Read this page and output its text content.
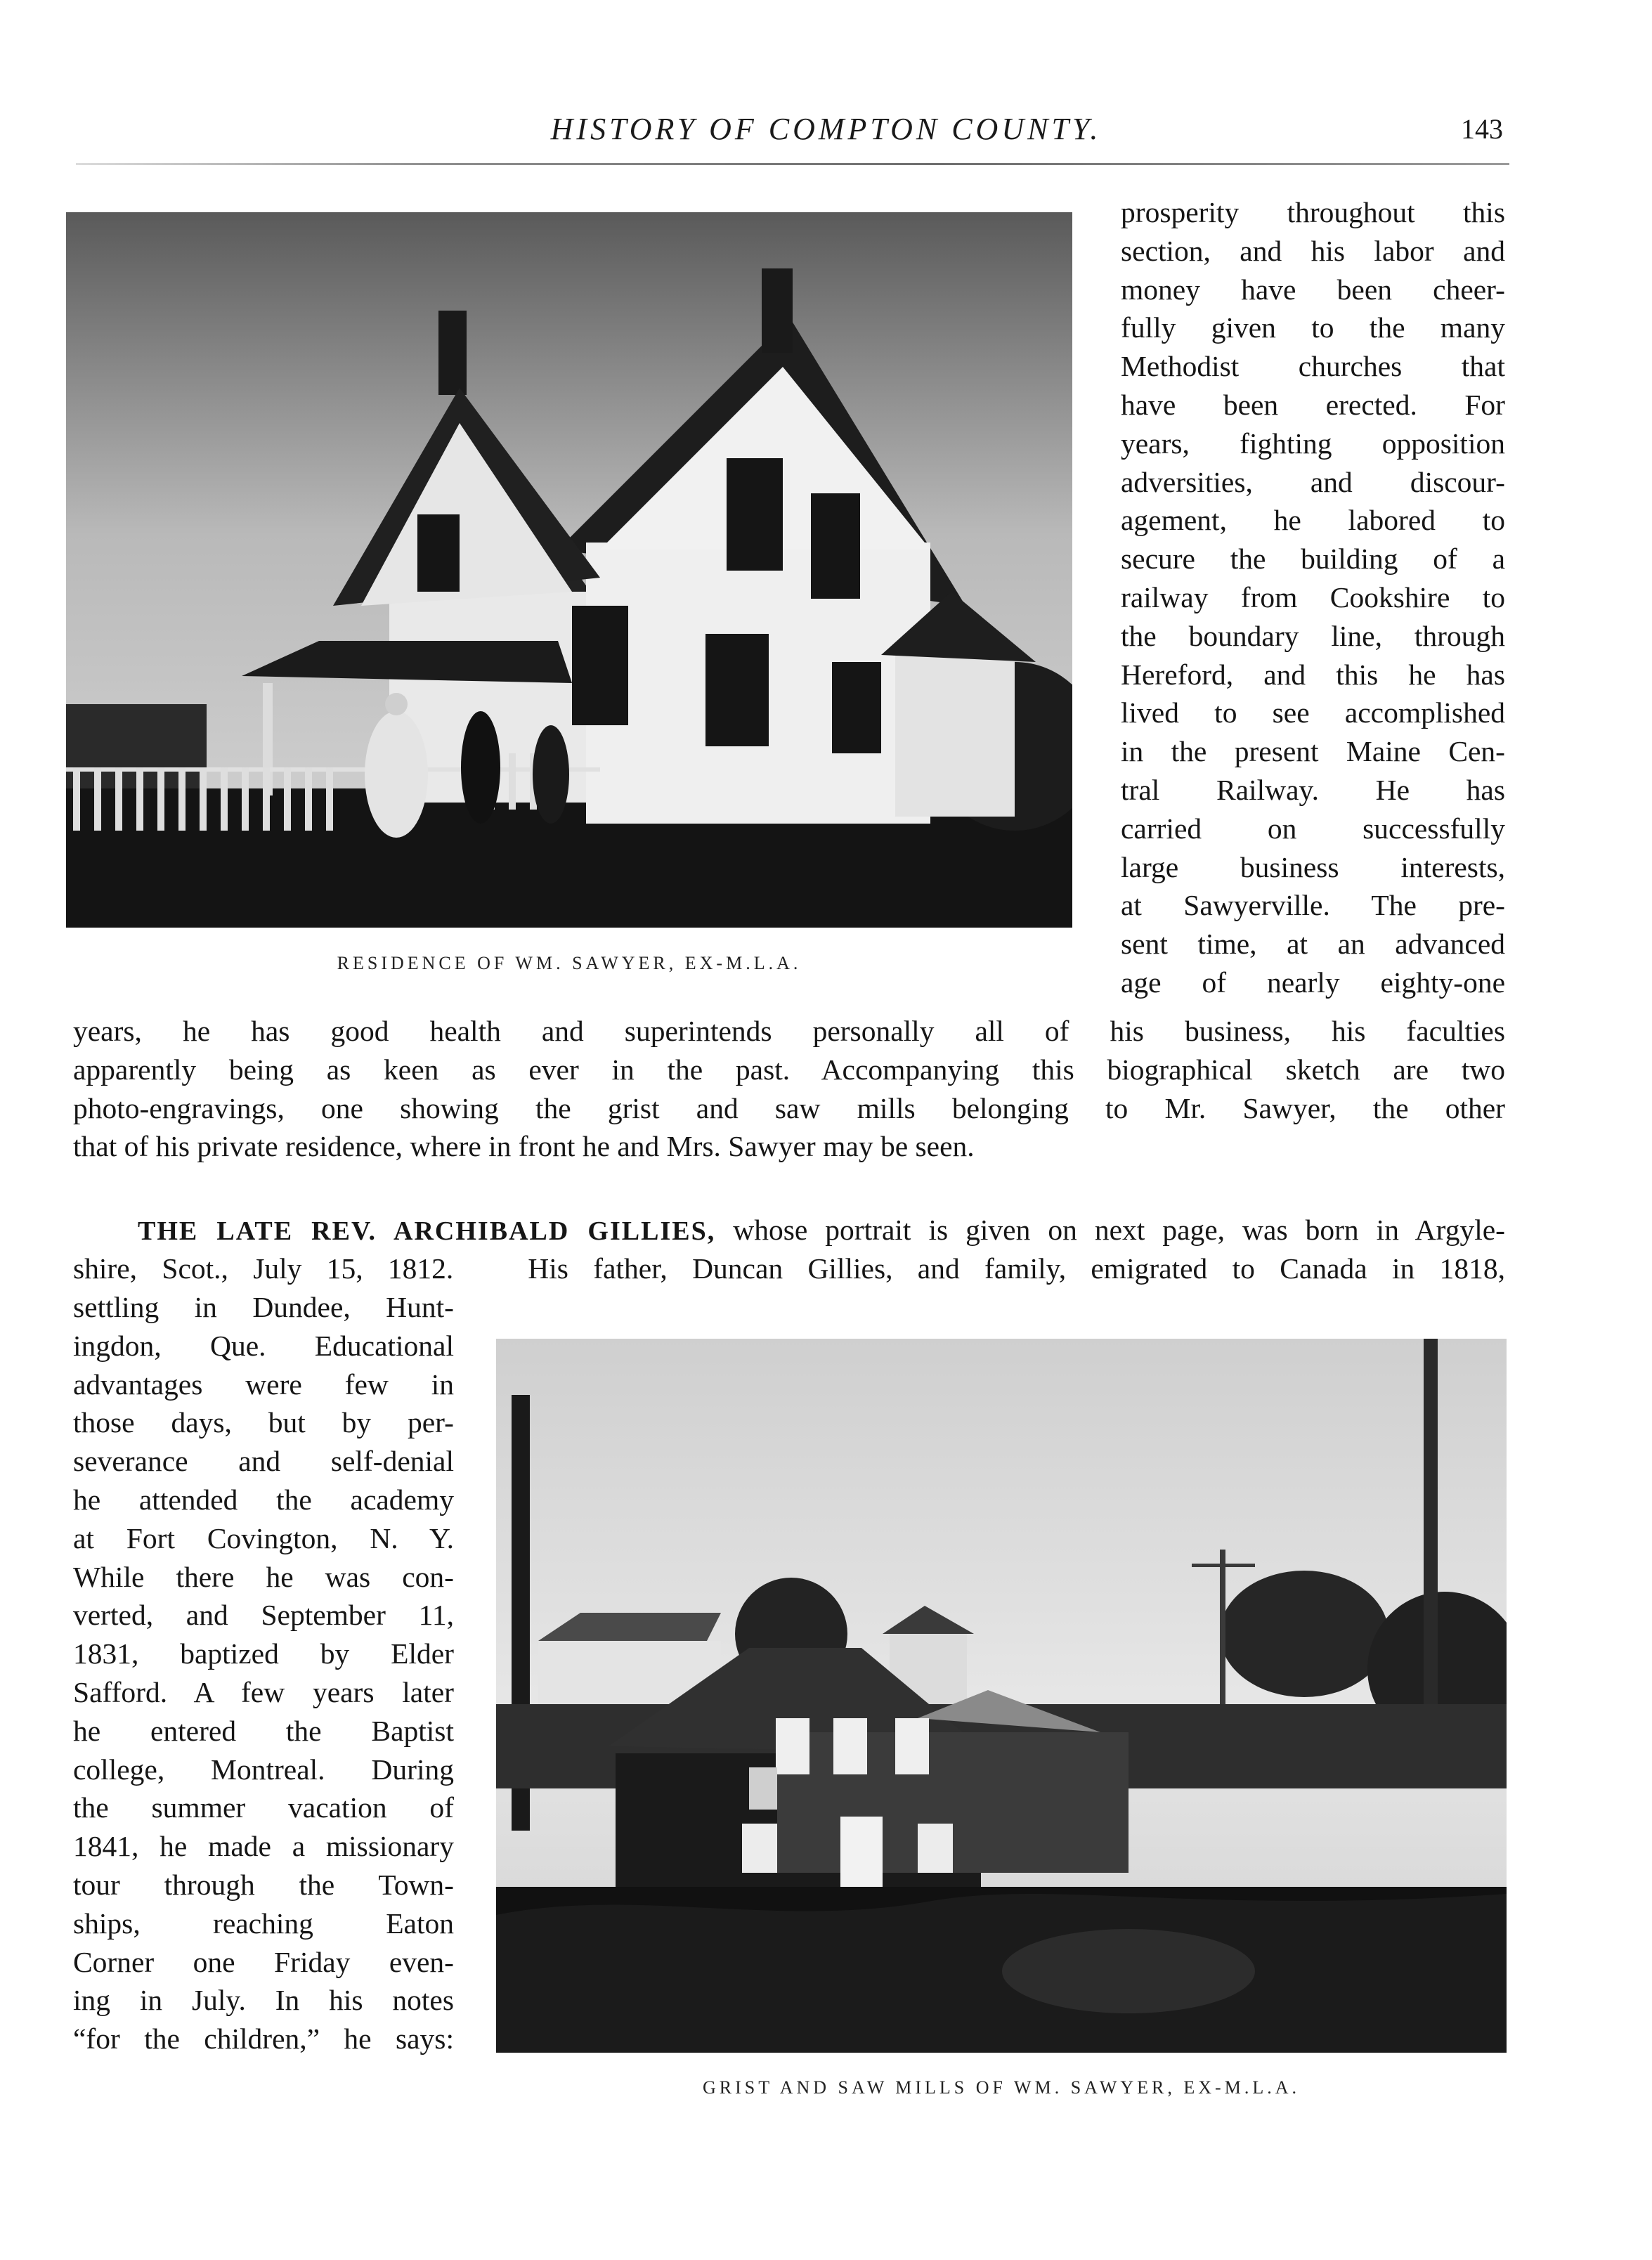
HISTORY OF COMPTON COUNTY.	143
RESIDENCE OF WM. SAWYER, EX-M.L.A.

prosperity throughout this

section, and his labor and

money have been cheer-

fully given to the many

Methodist churches that

have been erected. For

years, fighting opposition

adversities, and discour-

agement, he labored to

secure the building of a

railway from Cookshire to

the boundary line, through

Hereford, and this he has

lived to see accomplished

in the present Maine Cen-

tral Railway. He has

carried on successfully

large business interests,

at Sawyerville. The pre-

sent time, at an advanced

age of nearly eighty-one

years, he has good health and superintends personally all of his business, his faculties

apparently being as keen as ever in the past. Accompanying this biographical sketch are two

photo-engravings, one showing the grist and saw mills belonging to Mr. Sawyer, the other

that of his private residence, where in front he and Mrs. Sawyer may be seen.

THE LATE REV. ARCHIBALD GILLIES, whose portrait is given on next page, was born in Argyle-

shire, Scot., July 15, 1812.   His father, Duncan Gillies, and family, emigrated to Canada in 1818,

settling in Dundee, Hunt-

ingdon, Que. Educational

advantages were few in

those days, but by per-

severance and self-denial

he attended the academy

at Fort Covington, N. Y.

While there he was con-

verted, and September 11,

1831, baptized by Elder

Safford. A few years later

he entered the Baptist

college, Montreal. During

the summer vacation of

1841, he made a missionary

tour through the Town-

ships, reaching Eaton

Corner one Friday even-

ing in July. In his notes

“for the children,” he says:

GRIST AND SAW MILLS OF WM. SAWYER, EX-M.L.A.
